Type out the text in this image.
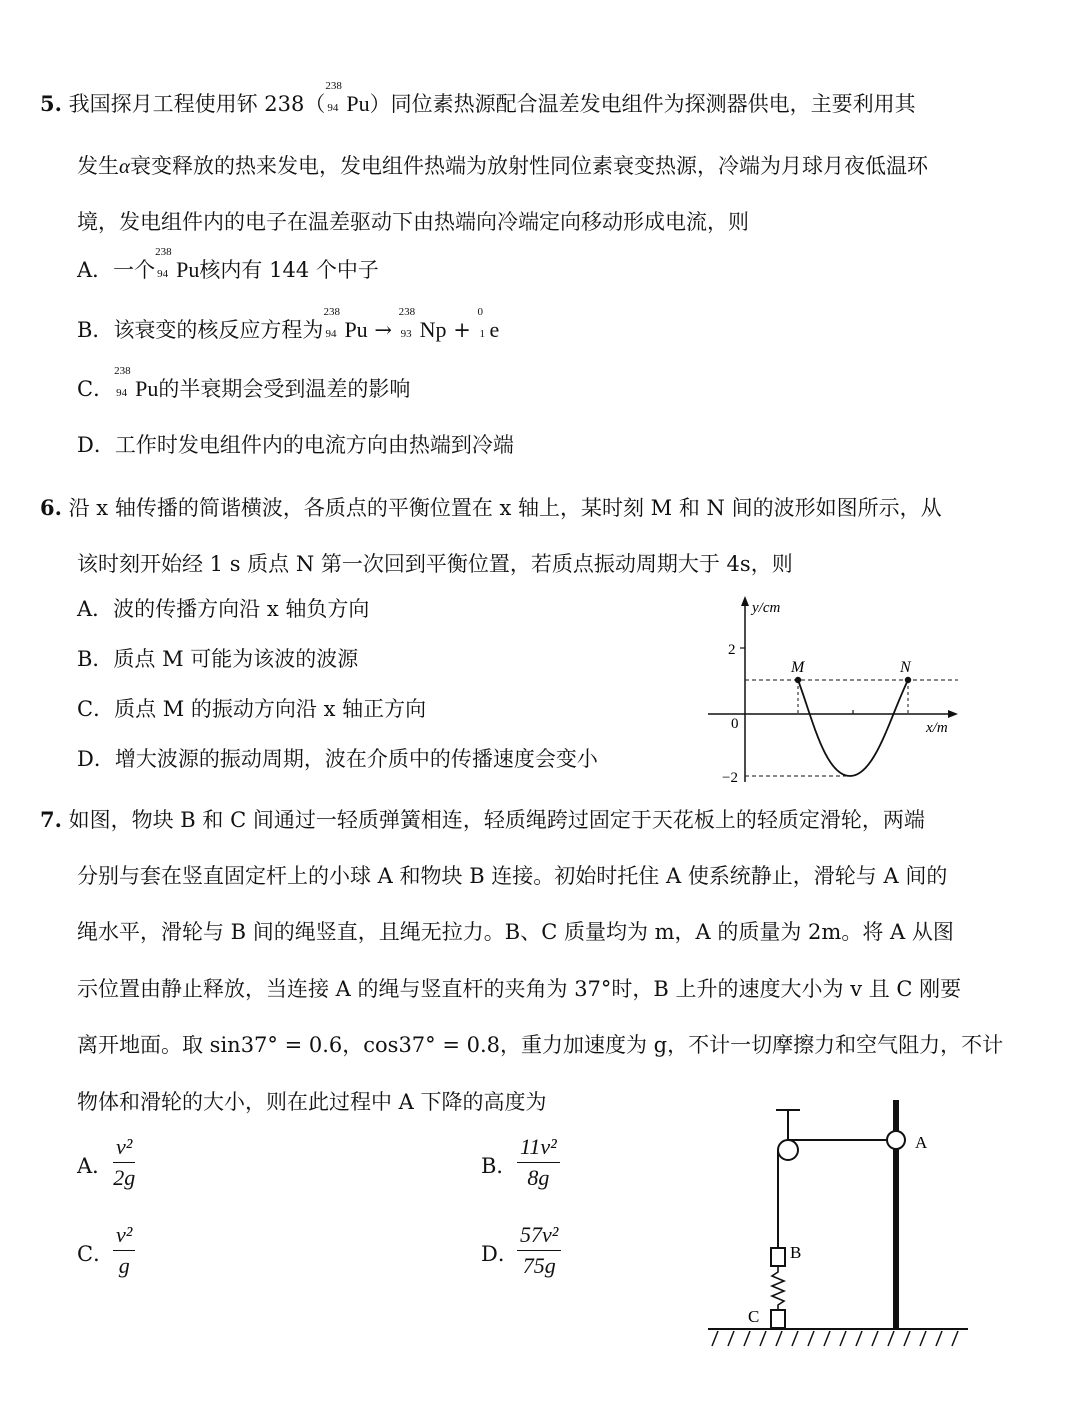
5. 我国探月工程使用钚 238（
238
94 Pu）同位素热源配合温差发电组件为探测器供电，主要利用其
发生α衰变释放的热来发电，发电组件热端为放射性同位素衰变热源，冷端为月球月夜低温环
境，发电组件内的电子在温差驱动下由热端向冷端定向移动形成电流，则
A．一个
238
94 Pu核内有 144 个中子
B．该衰变的核反应方程为
238
94 Pu →
238
93 Np +
0
1 e
C．
238
94 Pu的半衰期会受到温差的影响
D．工作时发电组件内的电流方向由热端到冷端
6. 沿 x 轴传播的简谐横波，各质点的平衡位置在 x 轴上，某时刻 M 和 N 间的波形如图所示，从
该时刻开始经 1 s 质点 N 第一次回到平衡位置，若质点振动周期大于 4s，则
A．波的传播方向沿 x 轴负方向
B．质点 M 可能为该波的波源
C．质点 M 的振动方向沿 x 轴正方向
D．增大波源的振动周期，波在介质中的传播速度会变小
y/cm
x/m
0
2
−2
M	N
7. 如图，物块 B 和 C 间通过一轻质弹簧相连，轻质绳跨过固定于天花板上的轻质定滑轮，两端
分别与套在竖直固定杆上的小球 A 和物块 B 连接。初始时托住 A 使系统静止，滑轮与 A 间的
绳水平，滑轮与 B 间的绳竖直，且绳无拉力。B、C 质量均为 m，A 的质量为 2m。将 A 从图
示位置由静止释放，当连接 A 的绳与竖直杆的夹角为 37°时，B 上升的速度大小为 v 且 C 刚要
离开地面。取 sin37° = 0.6，cos37° = 0.8，重力加速度为 g，不计一切摩擦力和空气阻力，不计
物体和滑轮的大小，则在此过程中 A 下降的高度为
A． $\frac{\text{v²}}{2g}$	B． $\frac{\text{11v²}}{8g}$
C．
$\frac{\text{v²}}{g}$	D．
$\frac{\text{57v²}}{75g}$
A
B
C
